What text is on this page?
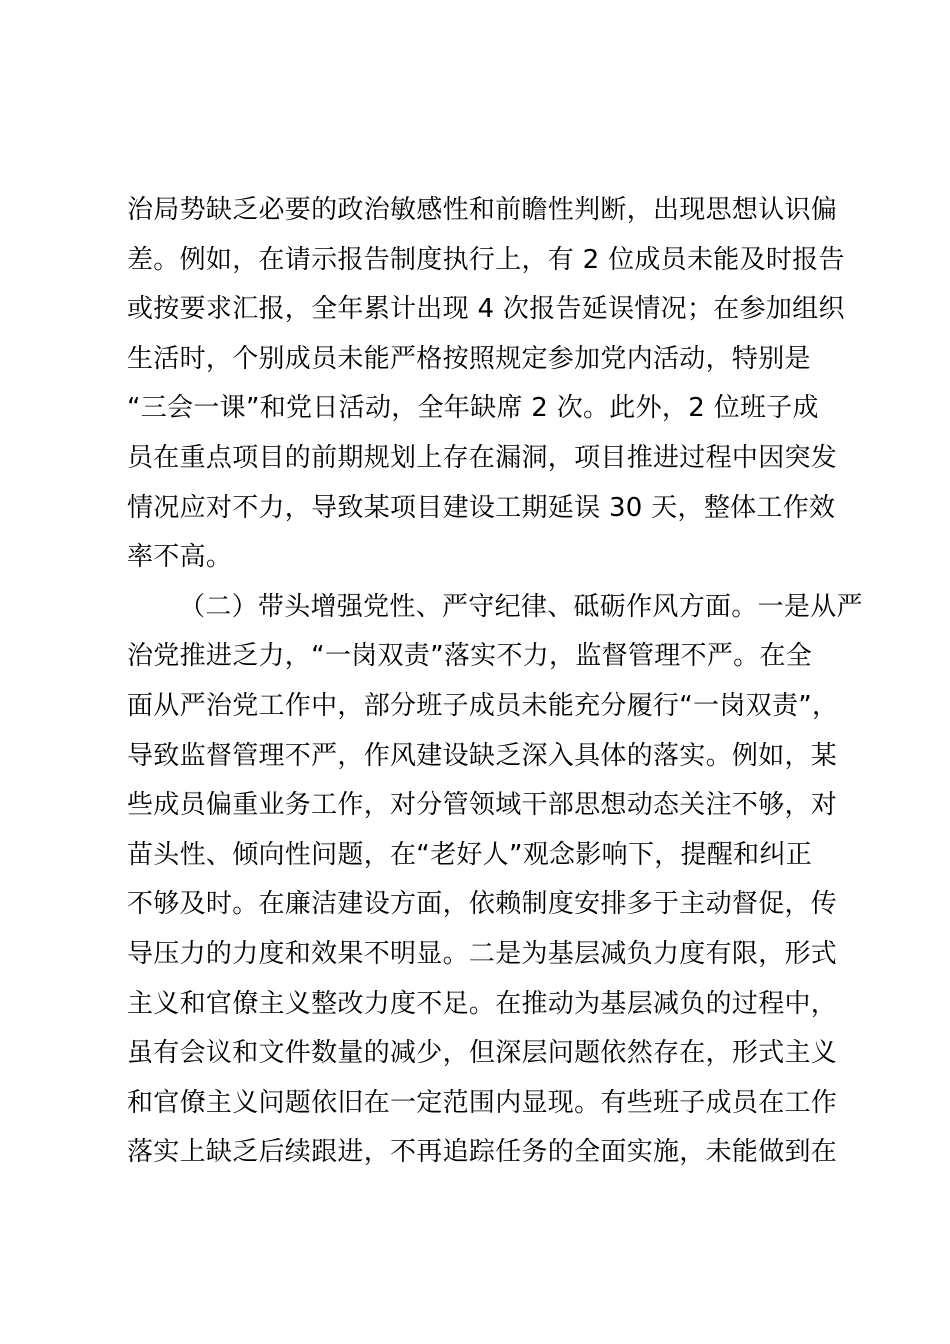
治局势缺乏必要的政治敏感性和前瞻性判断，出现思想认识偏
差。例如，在请示报告制度执行上，有 2 位成员未能及时报告
或按要求汇报，全年累计出现 4 次报告延误情况；在参加组织
生活时，个别成员未能严格按照规定参加党内活动，特别是
“三会一课”和党日活动，全年缺席 2 次。此外，2 位班子成
员在重点项目的前期规划上存在漏洞，项目推进过程中因突发
情况应对不力，导致某项目建设工期延误 30 天，整体工作效
率不高。
（二）带头增强党性、严守纪律、砥砺作风方面。一是从严
治党推进乏力，“一岗双责”落实不力，监督管理不严。在全
面从严治党工作中，部分班子成员未能充分履行“一岗双责”，
导致监督管理不严，作风建设缺乏深入具体的落实。例如，某
些成员偏重业务工作，对分管领域干部思想动态关注不够，对
苗头性、倾向性问题，在“老好人”观念影响下，提醒和纠正
不够及时。在廉洁建设方面，依赖制度安排多于主动督促，传
导压力的力度和效果不明显。二是为基层减负力度有限，形式
主义和官僚主义整改力度不足。在推动为基层减负的过程中，
虽有会议和文件数量的减少，但深层问题依然存在，形式主义
和官僚主义问题依旧在一定范围内显现。有些班子成员在工作
落实上缺乏后续跟进，不再追踪任务的全面实施，未能做到在
